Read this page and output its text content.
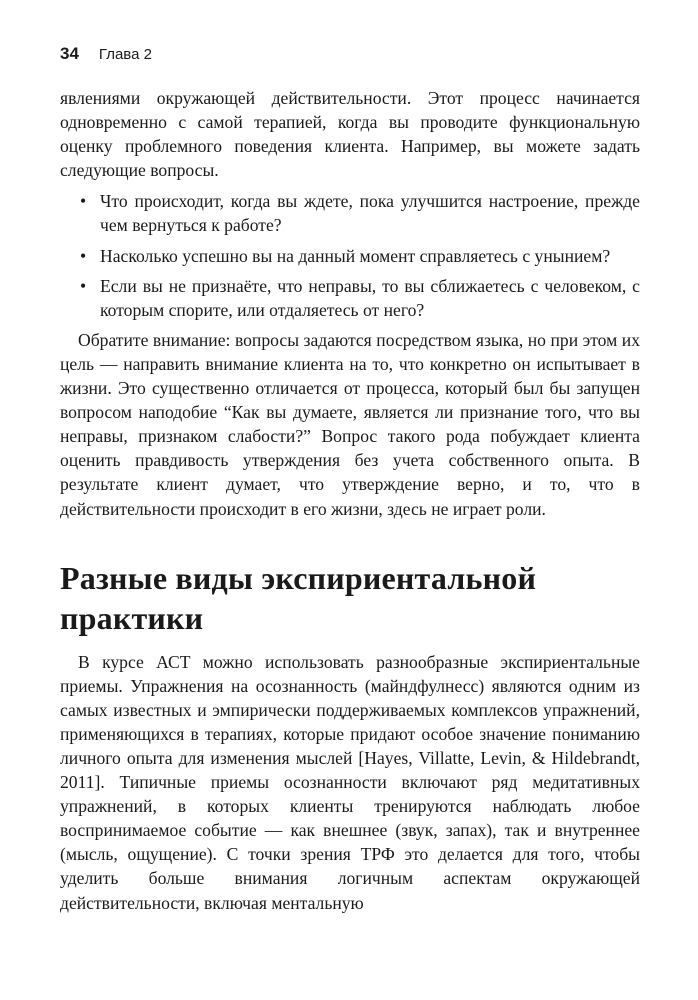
34 Глава 2

явлениями окружающей действительности. Этот процесс начинается одновременно с самой терапией, когда вы проводите функциональную оценку проблемного поведения клиента. Например, вы можете задать следующие вопросы.

• Что происходит, когда вы ждете, пока улучшится настроение, прежде чем вернуться к работе?
• Насколько успешно вы на данный момент справляетесь с унынием?
• Если вы не признаёте, что неправы, то вы сближаетесь с человеком, с которым спорите, или отдаляетесь от него?

Обратите внимание: вопросы задаются посредством языка, но при этом их цель — направить внимание клиента на то, что конкретно он испытывает в жизни. Это существенно отличается от процесса, который был бы запущен вопросом наподобие “Как вы думаете, является ли признание того, что вы неправы, признаком слабости?” Вопрос такого рода побуждает клиента оценить правдивость утверждения без учета собственного опыта. В результате клиент думает, что утверждение верно, и то, что в действительности происходит в его жизни, здесь не играет роли.

Разные виды экспириентальной практики

В курсе АСТ можно использовать разнообразные экспириентальные приемы. Упражнения на осознанность (майндфулнесс) являются одним из самых известных и эмпирически поддерживаемых комплексов упражнений, применяющихся в терапиях, которые придают особое значение пониманию личного опыта для изменения мыслей [Hayes, Villatte, Levin, & Hildebrandt, 2011]. Типичные приемы осознанности включают ряд медитативных упражнений, в которых клиенты тренируются наблюдать любое воспринимаемое событие — как внешнее (звук, запах), так и внутреннее (мысль, ощущение). С точки зрения ТРФ это делается для того, чтобы уделить больше внимания логичным аспектам окружающей действительности, включая ментальную
